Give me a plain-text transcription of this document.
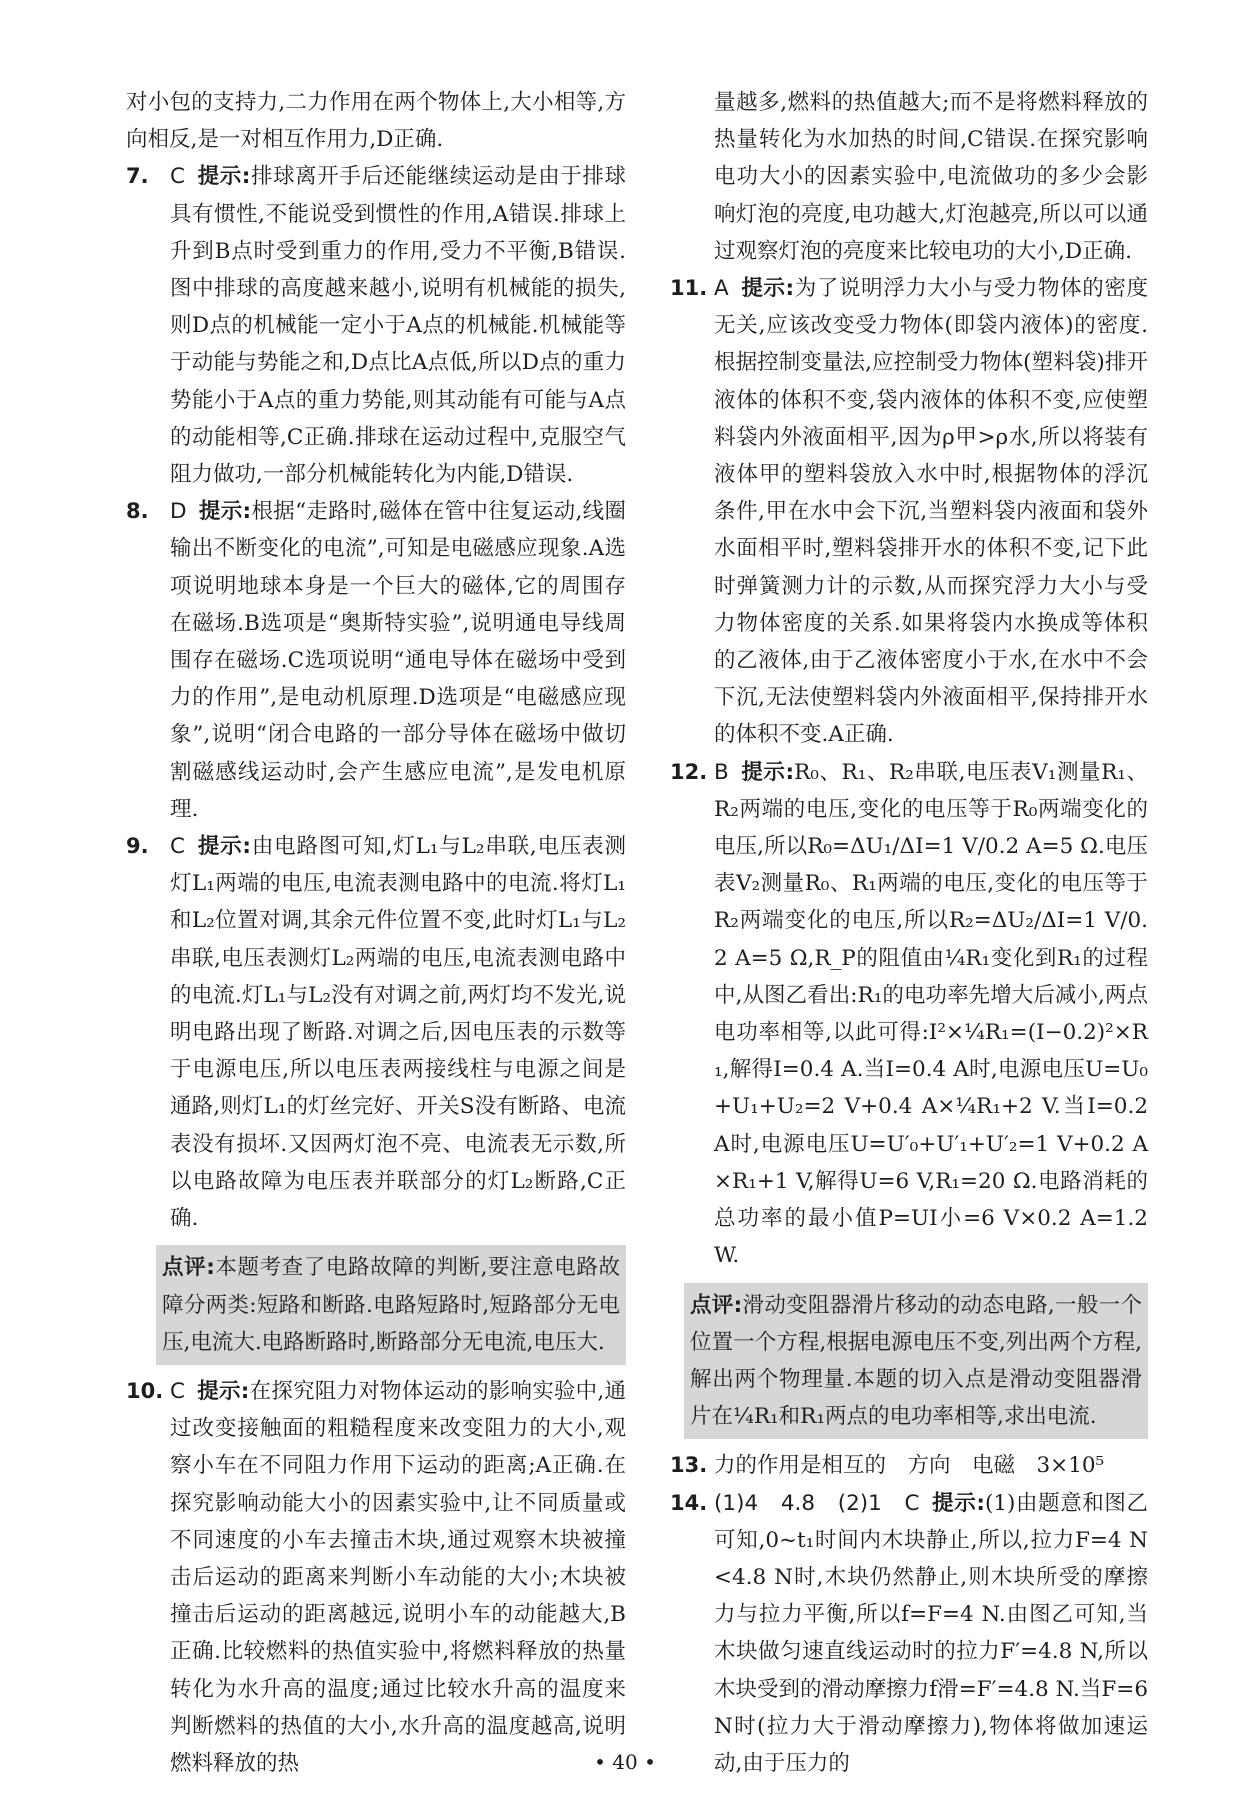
对小包的支持力,二力作用在两个物体上,大小相等,方向相反,是一对相互作用力,D正确.

7. C 提示:排球离开手后还能继续运动是由于排球具有惯性,不能说受到惯性的作用,A错误.排球上升到B点时受到重力的作用,受力不平衡,B错误.图中排球的高度越来越小,说明有机械能的损失,则D点的机械能一定小于A点的机械能.机械能等于动能与势能之和,D点比A点低,所以D点的重力势能小于A点的重力势能,则其动能有可能与A点的动能相等,C正确.排球在运动过程中,克服空气阻力做功,一部分机械能转化为内能,D错误.

8. D 提示:根据“走路时,磁体在管中往复运动,线圈输出不断变化的电流”,可知是电磁感应现象.A选项说明地球本身是一个巨大的磁体,它的周围存在磁场.B选项是“奥斯特实验”,说明通电导线周围存在磁场.C选项说明“通电导体在磁场中受到力的作用”,是电动机原理.D选项是“电磁感应现象”,说明“闭合电路的一部分导体在磁场中做切割磁感线运动时,会产生感应电流”,是发电机原理.

9. C 提示:由电路图可知,灯L₁与L₂串联,电压表测灯L₁两端的电压,电流表测电路中的电流.将灯L₁和L₂位置对调,其余元件位置不变,此时灯L₁与L₂串联,电压表测灯L₂两端的电压,电流表测电路中的电流.灯L₁与L₂没有对调之前,两灯均不发光,说明电路出现了断路.对调之后,因电压表的示数等于电源电压,所以电压表两接线柱与电源之间是通路,则灯L₁的灯丝完好、开关S没有断路、电流表没有损坏.又因两灯泡不亮、电流表无示数,所以电路故障为电压表并联部分的灯L₂断路,C正确.

点评:本题考查了电路故障的判断,要注意电路故障分两类:短路和断路.电路短路时,短路部分无电压,电流大.电路断路时,断路部分无电流,电压大.

10. C 提示:在探究阻力对物体运动的影响实验中,通过改变接触面的粗糙程度来改变阻力的大小,观察小车在不同阻力作用下运动的距离;A正确.在探究影响动能大小的因素实验中,让不同质量或不同速度的小车去撞击木块,通过观察木块被撞击后运动的距离来判断小车动能的大小;木块被撞击后运动的距离越远,说明小车的动能越大,B正确.比较燃料的热值实验中,将燃料释放的热量转化为水升高的温度;通过比较水升高的温度来判断燃料的热值的大小,水升高的温度越高,说明燃料释放的热

量越多,燃料的热值越大;而不是将燃料释放的热量转化为水加热的时间,C错误.在探究影响电功大小的因素实验中,电流做功的多少会影响灯泡的亮度,电功越大,灯泡越亮,所以可以通过观察灯泡的亮度来比较电功的大小,D正确.

11. A 提示:为了说明浮力大小与受力物体的密度无关,应该改变受力物体(即袋内液体)的密度.根据控制变量法,应控制受力物体(塑料袋)排开液体的体积不变,袋内液体的体积不变,应使塑料袋内外液面相平,因为ρ甲>ρ水,所以将装有液体甲的塑料袋放入水中时,根据物体的浮沉条件,甲在水中会下沉,当塑料袋内液面和袋外水面相平时,塑料袋排开水的体积不变,记下此时弹簧测力计的示数,从而探究浮力大小与受力物体密度的关系.如果将袋内水换成等体积的乙液体,由于乙液体密度小于水,在水中不会下沉,无法使塑料袋内外液面相平,保持排开水的体积不变.A正确.

12. B 提示:R₀、R₁、R₂串联,电压表V₁测量R₁、R₂两端的电压,变化的电压等于R₀两端变化的电压,所以R₀=ΔU₁/ΔI=1 V/0.2 A=5 Ω.电压表V₂测量R₀、R₁两端的电压,变化的电压等于R₂两端变化的电压,所以R₂=ΔU₂/ΔI=1 V/0.2 A=5 Ω,R_P的阻值由¼R₁变化到R₁的过程中,从图乙看出:R₁的电功率先增大后减小,两点电功率相等,以此可得:I²×¼R₁=(I−0.2)²×R₁,解得I=0.4 A.当I=0.4 A时,电源电压U=U₀+U₁+U₂=2 V+0.4 A×¼R₁+2 V.当I=0.2 A时,电源电压U=U′₀+U′₁+U′₂=1 V+0.2 A×R₁+1 V,解得U=6 V,R₁=20 Ω.电路消耗的总功率的最小值P=UI小=6 V×0.2 A=1.2 W.

点评:滑动变阻器滑片移动的动态电路,一般一个位置一个方程,根据电源电压不变,列出两个方程,解出两个物理量.本题的切入点是滑动变阻器滑片在¼R₁和R₁两点的电功率相等,求出电流.

13. 力的作用是相互的　方向　电磁　3×10⁵

14. (1)4　4.8　(2)1　C 提示:(1)由题意和图乙可知,0~t₁时间内木块静止,所以,拉力F=4 N<4.8 N时,木块仍然静止,则木块所受的摩擦力与拉力平衡,所以f=F=4 N.由图乙可知,当木块做匀速直线运动时的拉力F′=4.8 N,所以木块受到的滑动摩擦力f滑=F′=4.8 N.当F=6 N时(拉力大于滑动摩擦力),物体将做加速运动,由于压力的

• 40 •
